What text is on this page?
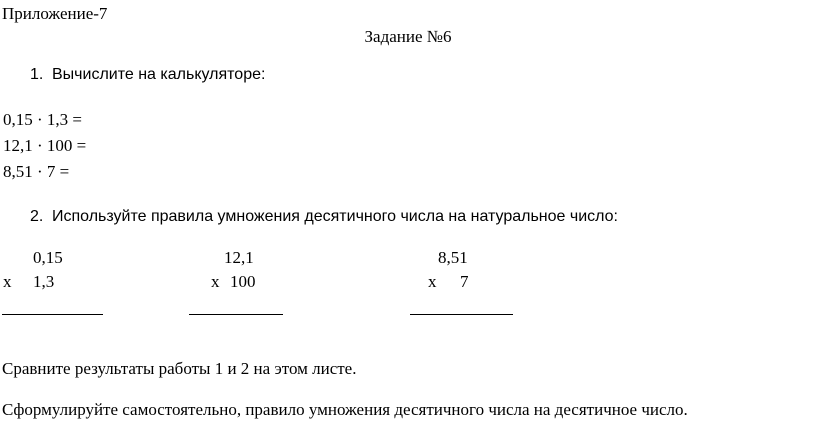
Приложение-7
Задание №6
1. Вычислите на калькуляторе:
0,15 · 1,3 =
12,1 · 100 =
8,51 · 7 =
2. Используйте правила умножения десятичного числа на натуральное число:
0,15
х 1,3
12,1
х 100
8,51
х 7
Сравните результаты работы 1 и 2 на этом листе.
Сформулируйте самостоятельно, правило умножения десятичного числа на десятичное число.
